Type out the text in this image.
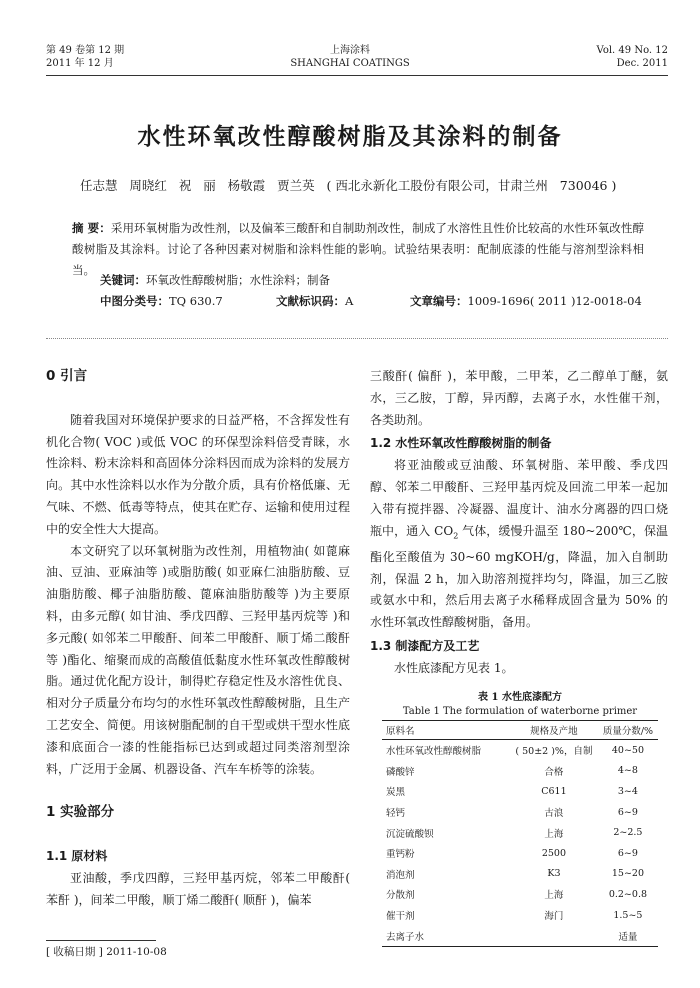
第 49 卷第 12 期
2011 年 12 月
上海涂料
SHANGHAI COATINGS
Vol. 49 No. 12
Dec. 2011
水性环氧改性醇酸树脂及其涂料的制备
任志慧   周晓红   祝   丽   杨敬霞   贾兰英   ( 西北永新化工股份有限公司，甘肃兰州   730046 )
摘 要：采用环氧树脂为改性剂，以及偏苯三酸酐和自制助剂改性，制成了水溶性且性价比较高的水性环氧改性醇酸树脂及其涂料。讨论了各种因素对树脂和涂料性能的影响。试验结果表明：配制底漆的性能与溶剂型涂料相当。
关键词：环氧改性醇酸树脂；水性涂料；制备
中图分类号：TQ 630.7	文献标识码：A	文章编号：1009-1696( 2011 )12-0018-04
0 引言

随着我国对环境保护要求的日益严格，不含挥发性有机化合物( VOC )或低 VOC 的环保型涂料倍受青睐，水性涂料、粉末涂料和高固体分涂料因而成为涂料的发展方向。其中水性涂料以水作为分散介质，具有价格低廉、无气味、不燃、低毒等特点，使其在贮存、运输和使用过程中的安全性大大提高。

本文研究了以环氧树脂为改性剂，用植物油( 如蓖麻油、豆油、亚麻油等 )或脂肪酸( 如亚麻仁油脂肪酸、豆油脂肪酸、椰子油脂肪酸、蓖麻油脂肪酸等 )为主要原料，由多元醇( 如甘油、季戊四醇、三羟甲基丙烷等 )和多元酸( 如邻苯二甲酸酐、间苯二甲酸酐、顺丁烯二酸酐等 )酯化、缩聚而成的高酸值低黏度水性环氧改性醇酸树脂。通过优化配方设计，制得贮存稳定性及水溶性优良、相对分子质量分布均匀的水性环氧改性醇酸树脂，且生产工艺安全、简便。用该树脂配制的自干型或烘干型水性底漆和底面合一漆的性能指标已达到或超过同类溶剂型涂料，广泛用于金属、机器设备、汽车车桥等的涂装。

1 实验部分
1.1 原材料

亚油酸，季戊四醇，三羟甲基丙烷，邻苯二甲酸酐( 苯酐 )，间苯二甲酸，顺丁烯二酸酐( 顺酐 )，偏苯

三酸酐( 偏酐 )，苯甲酸，二甲苯，乙二醇单丁醚，氨水，三乙胺，丁醇，异丙醇，去离子水，水性催干剂，各类助剂。

1.2 水性环氧改性醇酸树脂的制备

将亚油酸或豆油酸、环氧树脂、苯甲酸、季戊四醇、邻苯二甲酸酐、三羟甲基丙烷及回流二甲苯一起加入带有搅拌器、冷凝器、温度计、油水分离器的四口烧瓶中，通入 $CO_2$ 气体，缓慢升温至 180~200℃，保温酯化至酸值为 30~60 mgKOH/g，降温，加入自制助剂，保温 2 h，加入助溶剂搅拌均匀，降温，加三乙胺或氨水中和，然后用去离子水稀释成固含量为 50% 的水性环氧改性醇酸树脂，备用。

1.3 制漆配方及工艺

水性底漆配方见表 1。

表 1 水性底漆配方
Table 1 The formulation of waterborne primer
原料名	规格及产地	质量分数/%
水性环氧改性醇酸树脂	( 50±2 )%，自制	40~50
磷酸锌	合格	4~8
炭黑	C611	3~4
轻钙	古浪	6~9
沉淀硫酸钡	上海	2~2.5
重钙粉	2500	6~9
消泡剂	K3	15~20
分散剂	上海	0.2~0.8
催干剂	海门	1.5~5
去离子水		适量
[ 收稿日期 ] 2011-10-08
